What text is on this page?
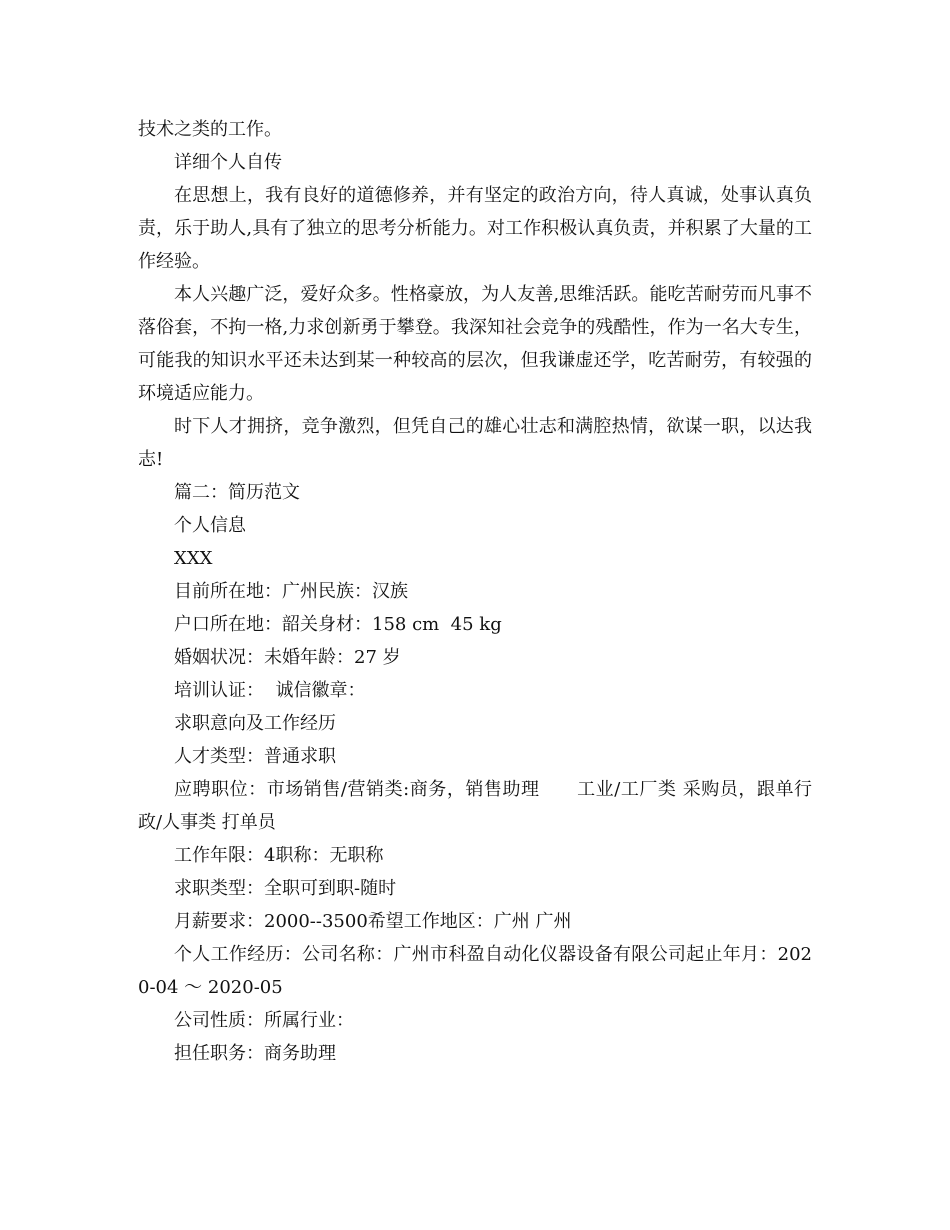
技术之类的工作。

详细个人自传

在思想上，我有良好的道德修养，并有坚定的政治方向，待人真诚，处事认真负责，乐于助人,具有了独立的思考分析能力。对工作积极认真负责，并积累了大量的工作经验。

本人兴趣广泛，爱好众多。性格豪放，为人友善,思维活跃。能吃苦耐劳而凡事不落俗套，不拘一格,力求创新勇于攀登。我深知社会竞争的残酷性，作为一名大专生，可能我的知识水平还未达到某一种较高的层次，但我谦虚还学，吃苦耐劳，有较强的环境适应能力。

时下人才拥挤，竞争激烈，但凭自己的雄心壮志和满腔热情，欲谋一职，以达我志!

篇二：简历范文

个人信息

XXX

目前所在地：广州民族：汉族

户口所在地：韶关身材：158 cm  45 kg

婚姻状况：未婚年龄：27 岁

培训认证：  诚信徽章：

求职意向及工作经历

人才类型：普通求职

应聘职位：市场销售/营销类:商务，销售助理      工业/工厂类 采购员，跟单行政/人事类 打单员

工作年限：4职称：无职称

求职类型：全职可到职-随时

月薪要求：2000--3500希望工作地区：广州 广州

个人工作经历：公司名称：广州市科盈自动化仪器设备有限公司起止年月：2020-04 ～ 2020-05

公司性质：所属行业：

担任职务：商务助理
